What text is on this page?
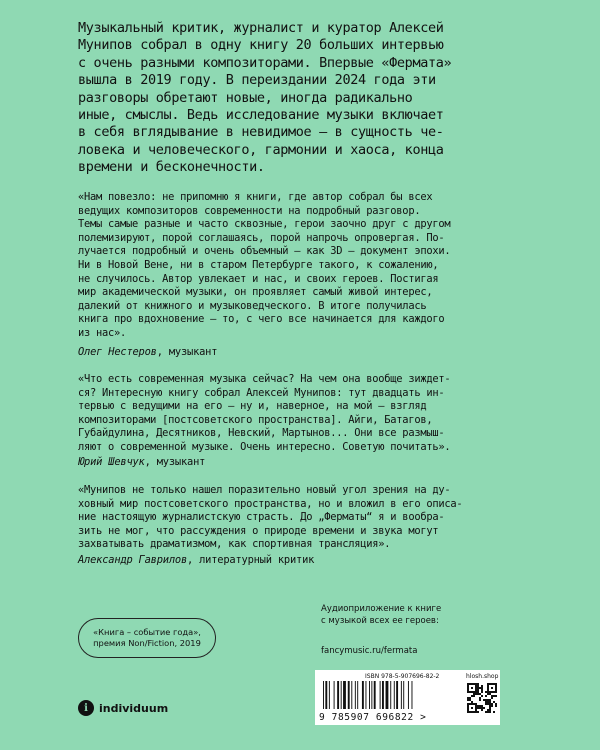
Музыкальный критик, журналист и куратор Алексей
Мунипов собрал в одну книгу 20 больших интервью
с очень разными композиторами. Впервые «Фермата»
вышла в 2019 году. В переиздании 2024 года эти
разговоры обретают новые, иногда радикально
иные, смыслы. Ведь исследование музыки включает
в себя вглядывание в невидимое – в сущность че-
ловека и человеческого, гармонии и хаоса, конца
времени и бесконечности.

«Нам повезло: не припомню я книги, где автор собрал бы всех
ведущих композиторов современности на подробный разговор.
Темы самые разные и часто сквозные, герои заочно друг с другом
полемизируют, порой соглашаясь, порой напрочь опровергая. По-
лучается подробный и очень объемный – как 3D – документ эпохи.
Ни в Новой Вене, ни в старом Петербурге такого, к сожалению,
не случилось. Автор увлекает и нас, и своих героев. Постигая
мир академической музыки, он проявляет самый живой интерес,
далекий от книжного и музыковедческого. В итоге получилась
книга про вдохновение – то, с чего все начинается для каждого
из нас».

Олег Нестеров, музыкант

«Что есть современная музыка сейчас? На чем она вообще зиждет-
ся? Интересную книгу собрал Алексей Мунипов: тут двадцать ин-
тервью с ведущими на его – ну и, наверное, на мой – взгляд
композиторами [постсоветского пространства]. Айги, Батагов,
Губайдулина, Десятников, Невский, Мартынов... Они все размыш-
ляют о современной музыке. Очень интересно. Советую почитать».

Юрий Шевчук, музыкант

«Мунипов не только нашел поразительно новый угол зрения на ду-
ховный мир постсоветского пространства, но и вложил в его описа-
ние настоящую журналистскую страсть. До „Ферматы“ я и вообра-
зить не мог, что рассуждения о природе времени и звука могут
захватывать драматизмом, как спортивная трансляция».

Александр Гаврилов, литературный критик
«Книга – событие года»,
премия Non/Fiction, 2019

Аудиоприложение к книге
с музыкой всех ее героев:

fancymusic.ru/fermata
i	individuum
ISBN 978-5-907696-82-2
9 785907 696822 >
hlosh.shop
